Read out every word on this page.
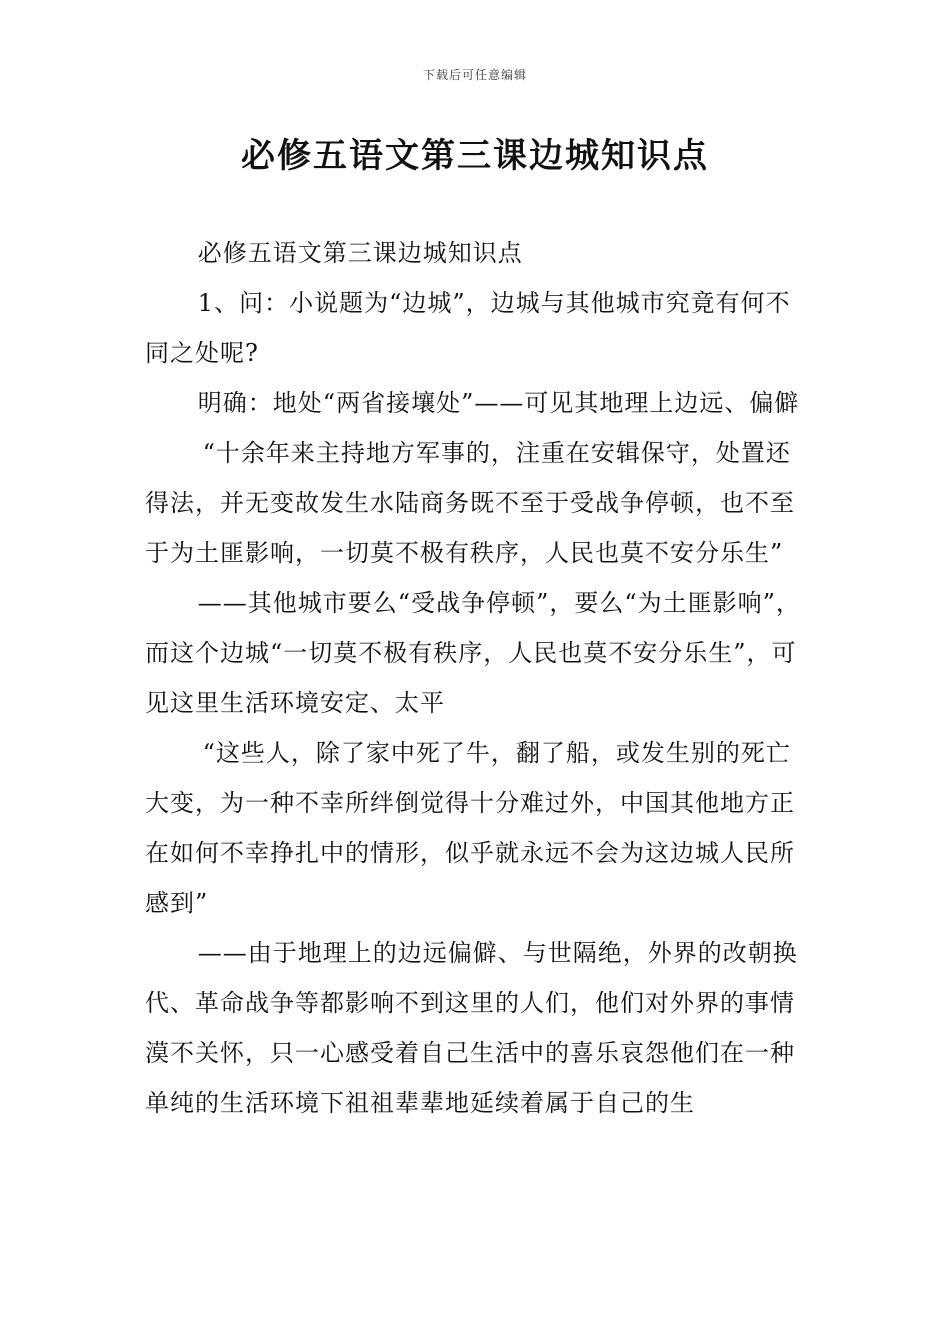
下载后可任意编辑
必修五语文第三课边城知识点

必修五语文第三课边城知识点

1、问：小说题为“边城”，边城与其他城市究竟有何不同之处呢?

明确：地处“两省接壤处”——可见其地理上边远、偏僻

“十余年来主持地方军事的，注重在安辑保守，处置还得法，并无变故发生水陆商务既不至于受战争停顿，也不至于为土匪影响，一切莫不极有秩序，人民也莫不安分乐生”

——其他城市要么“受战争停顿”，要么“为土匪影响”，而这个边城“一切莫不极有秩序，人民也莫不安分乐生”，可见这里生活环境安定、太平

“这些人，除了家中死了牛，翻了船，或发生别的死亡大变，为一种不幸所绊倒觉得十分难过外，中国其他地方正在如何不幸挣扎中的情形，似乎就永远不会为这边城人民所感到”

——由于地理上的边远偏僻、与世隔绝，外界的改朝换代、革命战争等都影响不到这里的人们，他们对外界的事情漠不关怀，只一心感受着自己生活中的喜乐哀怨他们在一种单纯的生活环境下祖祖辈辈地延续着属于自己的生
